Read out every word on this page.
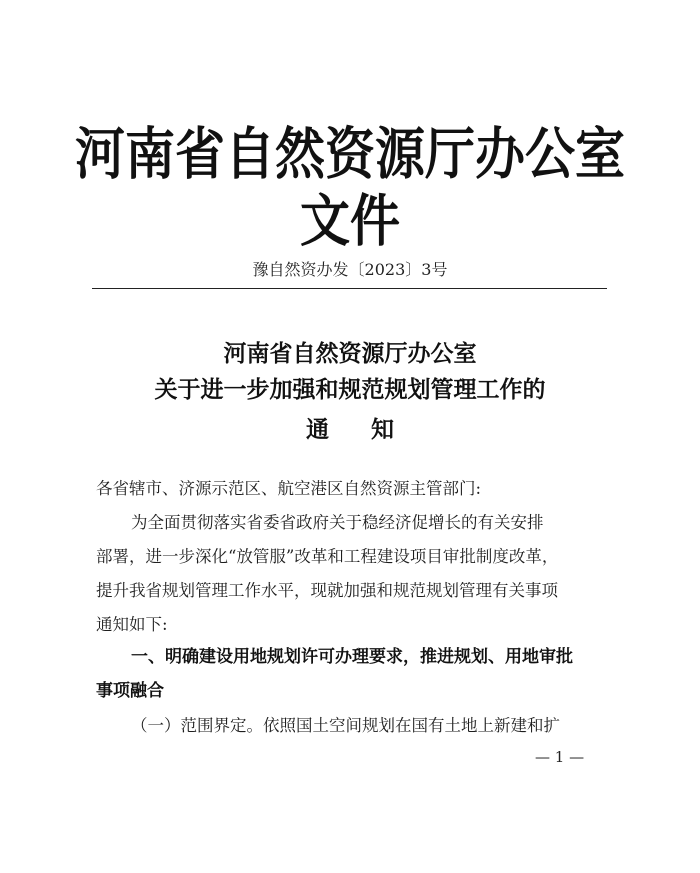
河南省自然资源厅办公室文件
豫自然资办发〔2023〕3号
河南省自然资源厅办公室
关于进一步加强和规范规划管理工作的
通知
各省辖市、济源示范区、航空港区自然资源主管部门:
为全面贯彻落实省委省政府关于稳经济促增长的有关安排
部署，进一步深化“放管服”改革和工程建设项目审批制度改革，
提升我省规划管理工作水平，现就加强和规范规划管理有关事项
通知如下:
一、明确建设用地规划许可办理要求，推进规划、用地审批
事项融合
（一）范围界定。依照国土空间规划在国有土地上新建和扩
— 1 —
